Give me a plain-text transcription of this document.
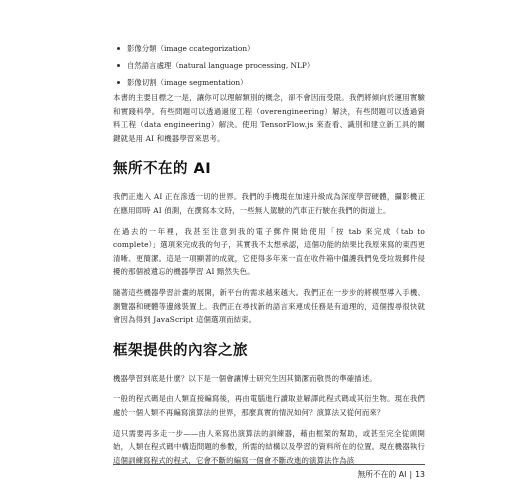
影像分類（image ccategorization）
自然語言處理（natural language processing, NLP）
影像切割（image segmentation）

本書的主要目標之一是，讓你可以理解類別的概念，卻不會因而受限。我們將傾向於運用實驗和實踐科學。有些問題可以透過過度工程（overengineering）解決，有些問題可以透過資料工程（data engineering）解決。使用 TensorFlow.js 來查看、識別和建立新工具的關鍵就是用 AI 和機器學習來思考。

無所不在的 AI

我們正進入 AI 正在滲透一切的世界。我們的手機現在加速升級成為深度學習硬體，攝影機正在應用即時 AI 偵測，在撰寫本文時，一些無人駕駛的汽車正行駛在我們的街道上。

在過去的一年裡，我甚至注意到我的電子郵件開始使用「按 tab 來完成（tab to complete）」選項來完成我的句子，其實我不太想承認，這個功能的結果比我原來寫的東西更清晰、更簡潔。這是一項顯著的成就，它使得多年來一直在收件箱中僵護我們免受垃圾郵件侵擾的那個被遺忘的機器學習 AI 黯然失色。

隨著這些機器學習計畫的展開，新平台的需求越來越大。我們正在一步步的將模型導入手機、瀏覽器和硬體等邊緣裝置上。我們正在尋找新的語言來連成任務是有道理的，這個搜尋很快就會因為得到 JavaScript 這個選項而結束。

框架提供的內容之旅

機器學習到底是什麼？以下是一個會讓博士研究生因其簡潔而敬畏的準確描述。

一般的程式碼是由人類直接編寫後，再由電腦進行讀取並解譯此程式碼或其衍生物。現在我們處於一個人類不再編寫演算法的世界，那麼真實的情況如何？演算法又從何而來？

這只需要再多走一步——由人來寫出演算法的訓練器，藉由框架的幫助，或甚至完全從頭開始，人類在程式碼中構造問題的參數，所需的結構以及學習的資料所在的位置。現在機器執行這個訓練寫程式的程式，它會不斷的編寫一個會不斷改進的演算法作為該

無所不在的 AI | 13
